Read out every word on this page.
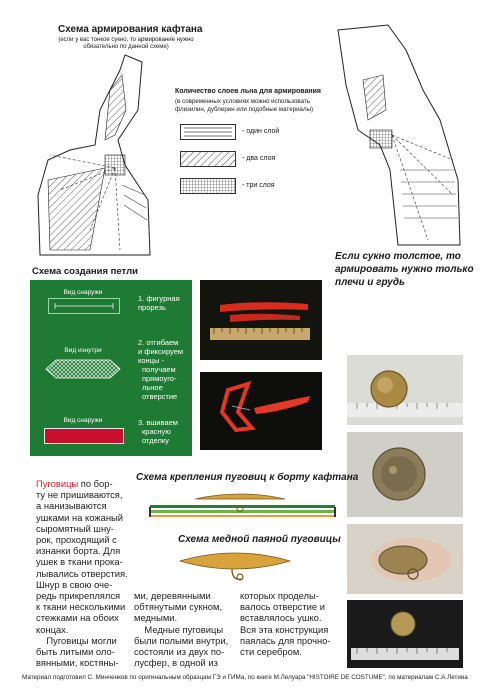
Схема армирования кафтана
(если у вас тонкое сукно, то армирование нужно
обязательно по данной схеме)
Количество слоев льна для армирования
(в современных условиях можно использовать
флизилин, дублерин или подобные материалы)
- один слой
- два слоя
- три слоя
Если сукно толстое, то
армировать нужно только
плечи и грудь
Схема создания петли
Вид снаружи
1. фигурная
прорезь
Вид изнутри
2. отгибаем
и фиксируем
концы -
получаем
прямоуго-
льное
отверстие
Вид снаружи	3. вшиваем
красную
отделку
Схема крепления пуговиц к борту кафтана
Схема медной паяной пуговицы
Пуговицы по бор-
ту не пришиваются,
а нанизываются
ушками на кожаный
сыромятный шну-
рок, проходящий с
изнанки борта. Для
ушек в ткани прока-
лывались отверстия.
Шнур в свою оче-
редь прикреплялся
к ткани несколькими
стежками на обоих
концах.
Пуговицы могли
быть литыми оло-
вянными, костяны-
ми, деревянными
обтянутыми сукном,
медными.
Медные пуговицы
были полыми внутри,
состояли из двух по-
лусфер, в одной из
которых проделы-
валось отверстие и
вставлялось ушко.
Вся эта конструкция
паялась для прочно-
сти серебром.
Материал подготовил С. Минченков по оригинальным образцам ГЭ и ГИМа, по книге М.Лелуара "HISTOIRE DE COSTUME", по материалам С.А.Летина
